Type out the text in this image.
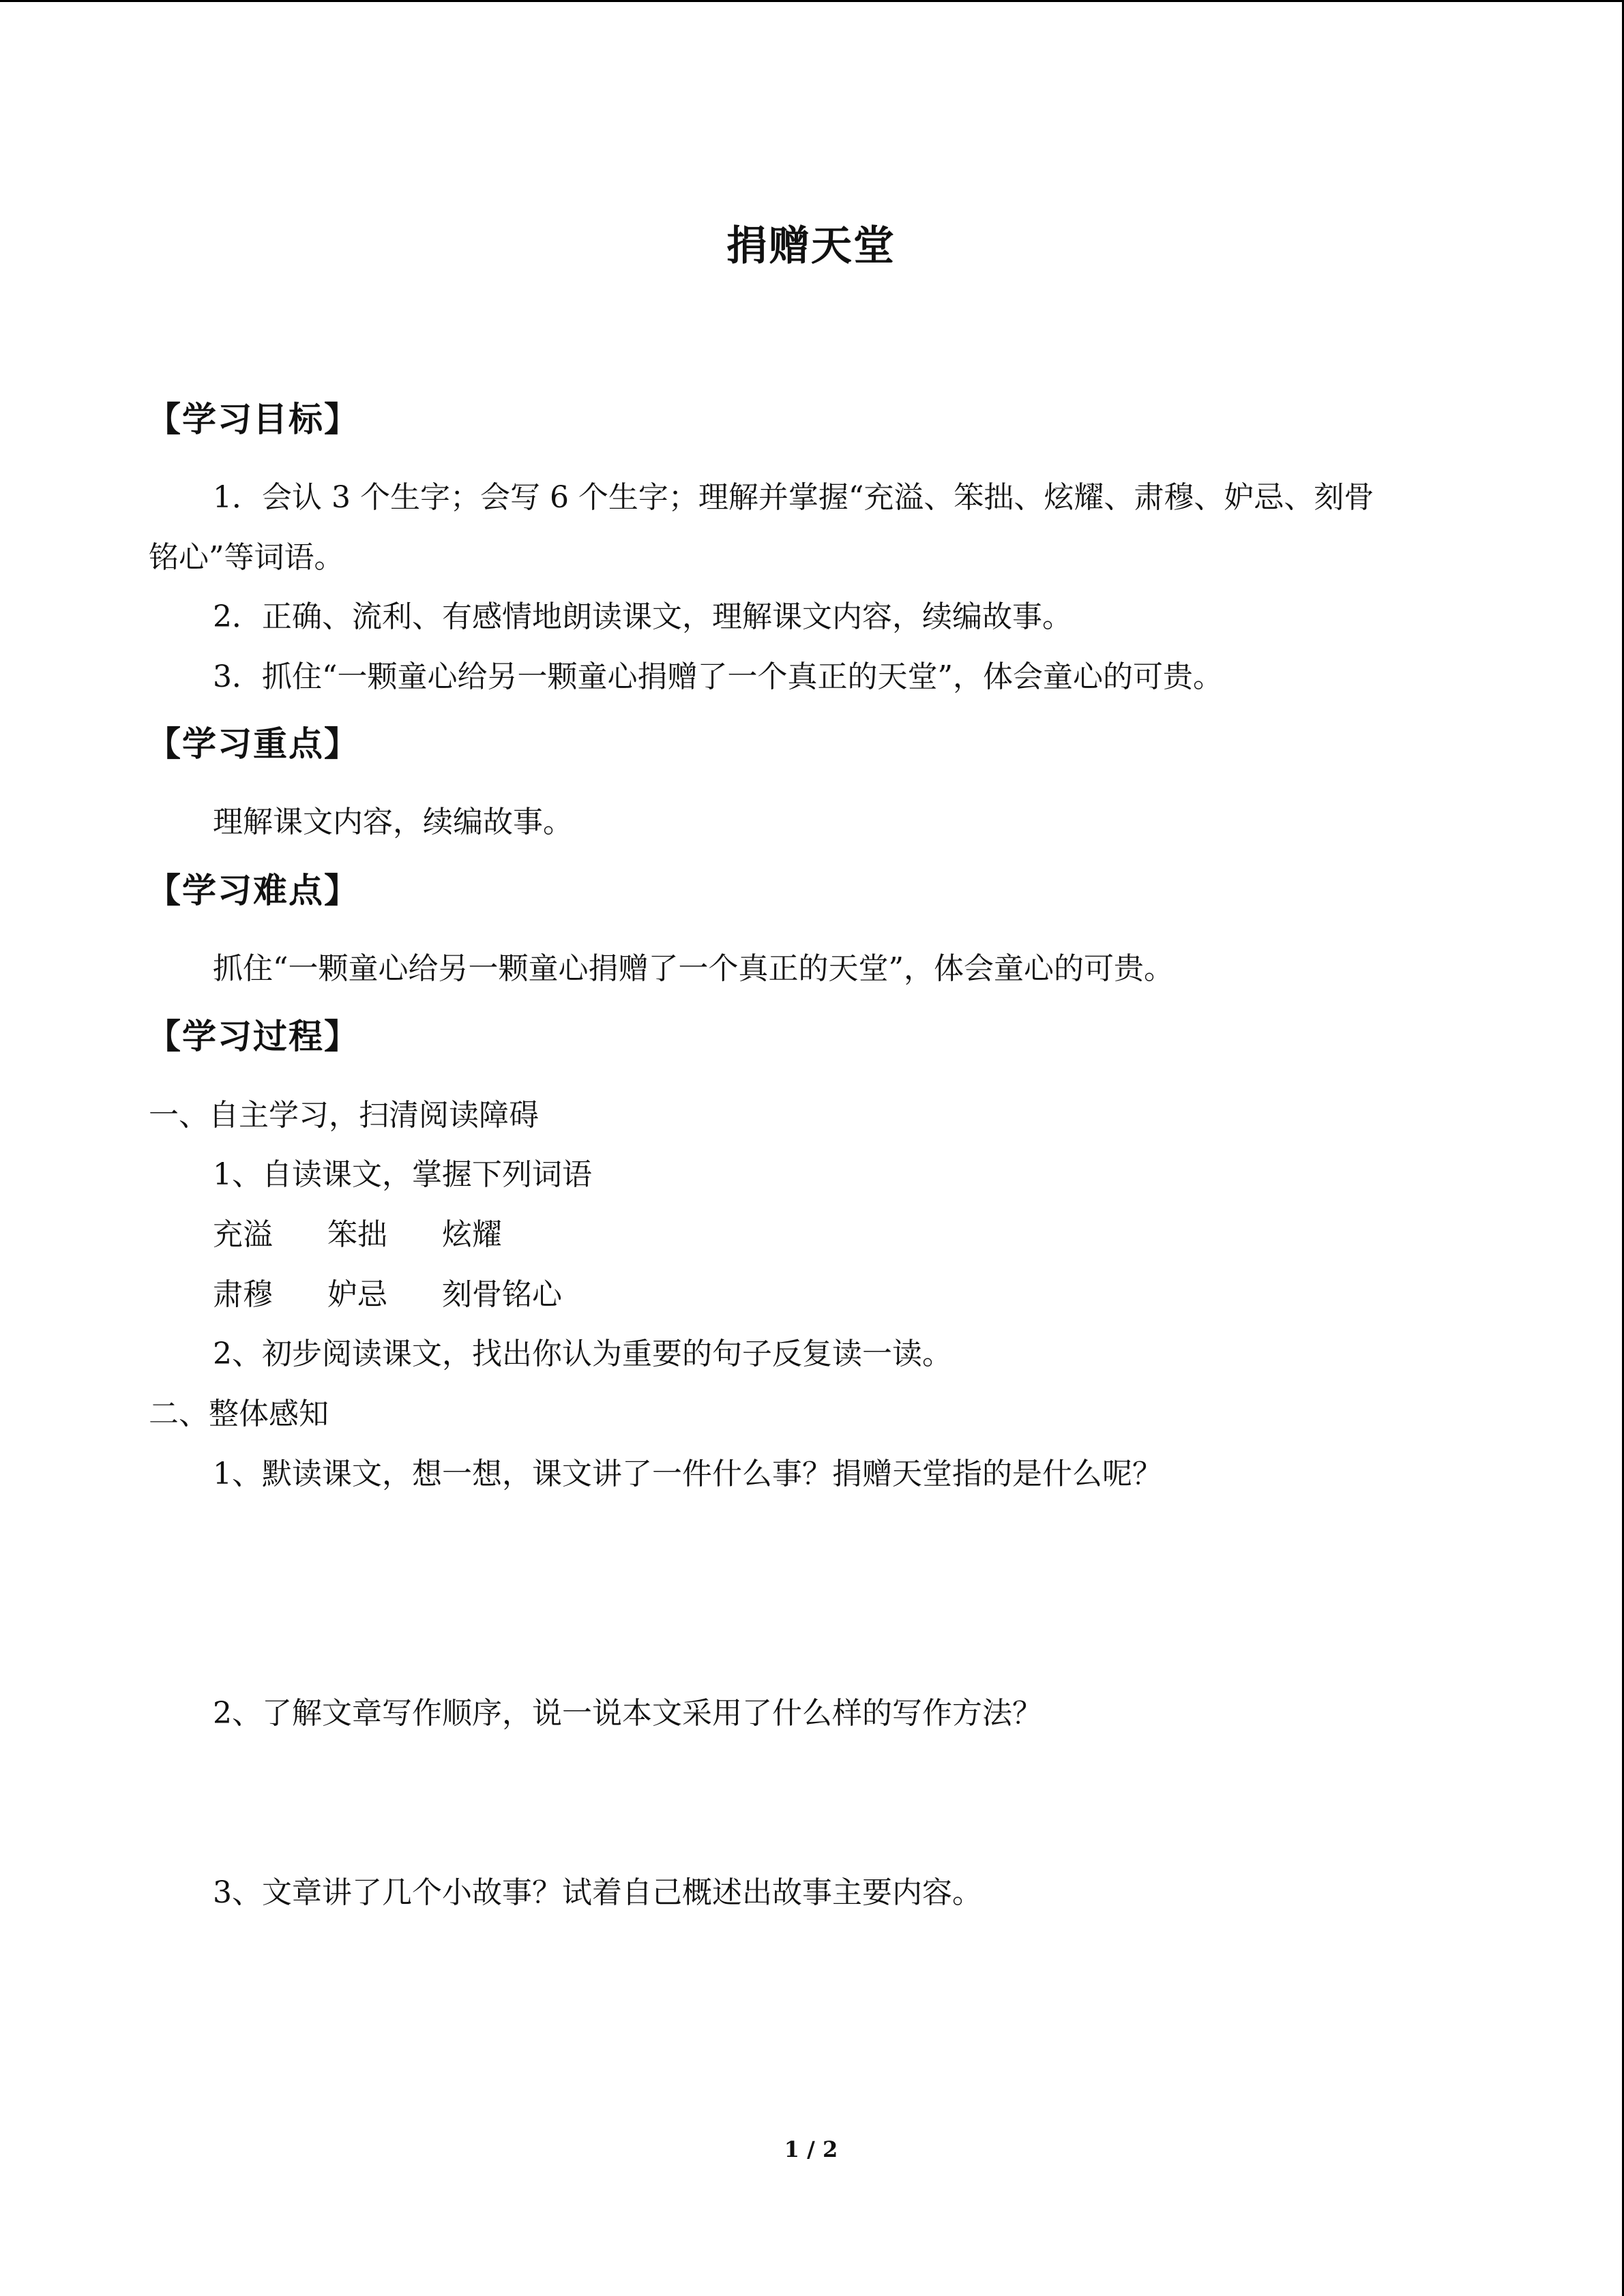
捐赠天堂
【学习目标】
1．会认 3 个生字；会写 6 个生字；理解并掌握“充溢、笨拙、炫耀、肃穆、妒忌、刻骨
铭心”等词语。
2．正确、流利、有感情地朗读课文，理解课文内容，续编故事。
3．抓住“一颗童心给另一颗童心捐赠了一个真正的天堂”，体会童心的可贵。
【学习重点】
理解课文内容，续编故事。
【学习难点】
抓住“一颗童心给另一颗童心捐赠了一个真正的天堂”，体会童心的可贵。
【学习过程】
一、自主学习，扫清阅读障碍
1、自读课文，掌握下列词语
充溢 笨拙 炫耀
肃穆 妒忌 刻骨铭心
2、初步阅读课文，找出你认为重要的句子反复读一读。
二、整体感知
1、默读课文，想一想，课文讲了一件什么事？捐赠天堂指的是什么呢？
2、了解文章写作顺序，说一说本文采用了什么样的写作方法？
3、文章讲了几个小故事？试着自己概述出故事主要内容。
1 / 2
